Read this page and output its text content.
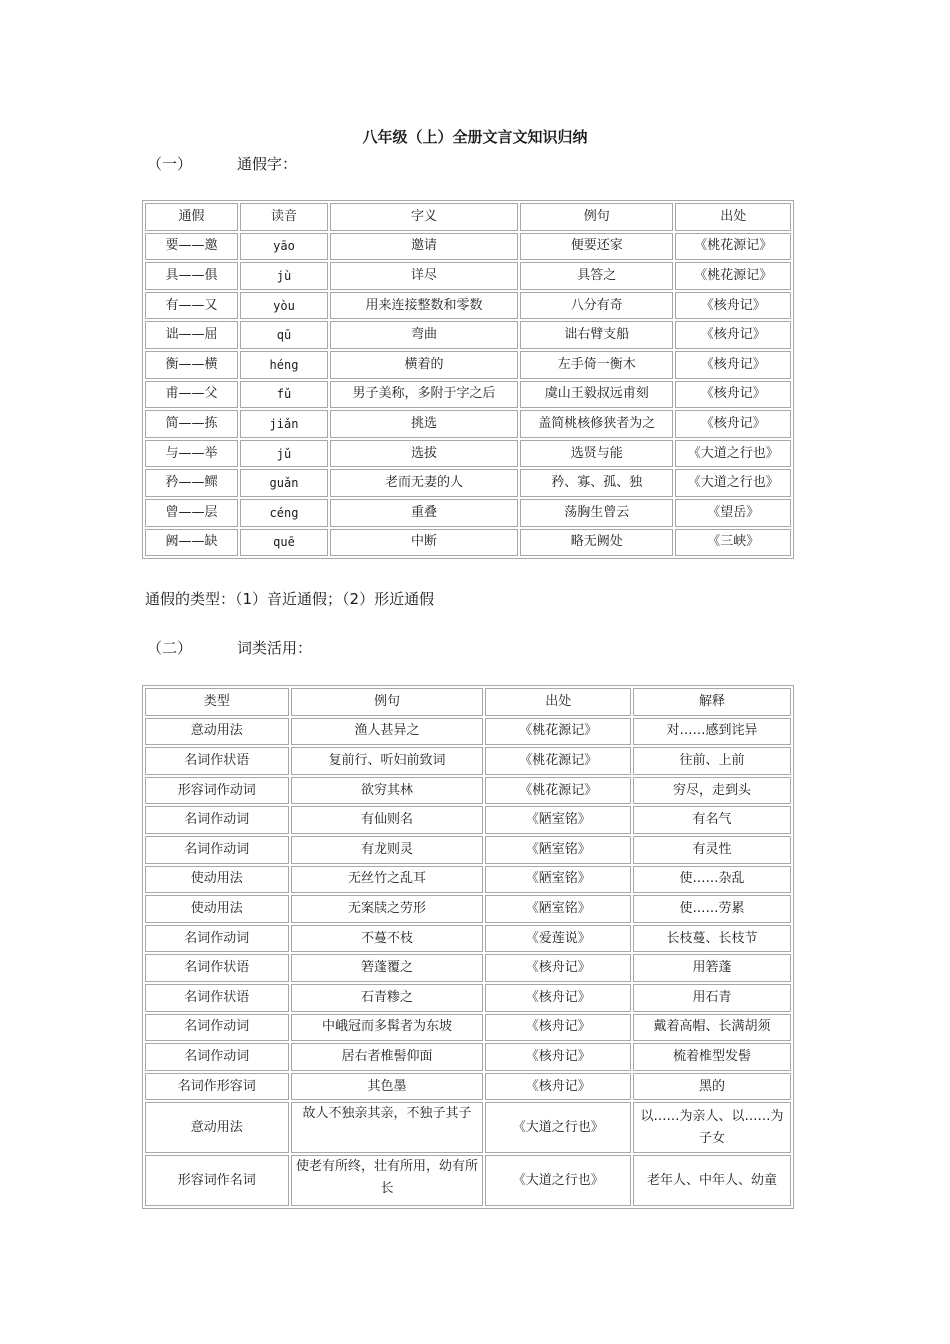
八年级（上）全册文言文知识归纳
（一）	通假字：
通假	读音	字义	例句	出处
要——邀	yāo	邀请	便要还家	《桃花源记》
具——俱	jù	详尽	具答之	《桃花源记》
有——又	yòu	用来连接整数和零数	八分有奇	《核舟记》
诎——屈	qū	弯曲	诎右臂支船	《核舟记》
衡——横	héng	横着的	左手倚一衡木	《核舟记》
甫——父	fǔ	男子美称，多附于字之后	虞山王毅叔远甫刻	《核舟记》
简——拣	jiǎn	挑选	盖简桃核修狭者为之	《核舟记》
与——举	jǔ	选拔	选贤与能	《大道之行也》
矜——鳏	guǎn	老而无妻的人	矜、寡、孤、独	《大道之行也》
曾——层	céng	重叠	荡胸生曾云	《望岳》
阙——缺	quē	中断	略无阙处	《三峡》
通假的类型：（1）音近通假；（2）形近通假
（二）	词类活用：
类型	例句	出处	解释
意动用法	渔人甚异之	《桃花源记》	对……感到诧异
名词作状语	复前行、听妇前致词	《桃花源记》	往前、上前
形容词作动词	欲穷其林	《桃花源记》	穷尽，走到头
名词作动词	有仙则名	《陋室铭》	有名气
名词作动词	有龙则灵	《陋室铭》	有灵性
使动用法	无丝竹之乱耳	《陋室铭》	使……杂乱
使动用法	无案牍之劳形	《陋室铭》	使……劳累
名词作动词	不蔓不枝	《爱莲说》	长枝蔓、长枝节
名词作状语	箬蓬覆之	《核舟记》	用箬蓬
名词作状语	石青糁之	《核舟记》	用石青
名词作动词	中峨冠而多髯者为东坡	《核舟记》	戴着高帽、长满胡须
名词作动词	居右者椎髻仰面	《核舟记》	梳着椎型发髻
名词作形容词	其色墨	《核舟记》	黑的
意动用法	故人不独亲其亲，不独子其子	《大道之行也》	以……为亲人、以……为子女
形容词作名词	使老有所终，壮有所用，幼有所长	《大道之行也》	老年人、中年人、幼童
